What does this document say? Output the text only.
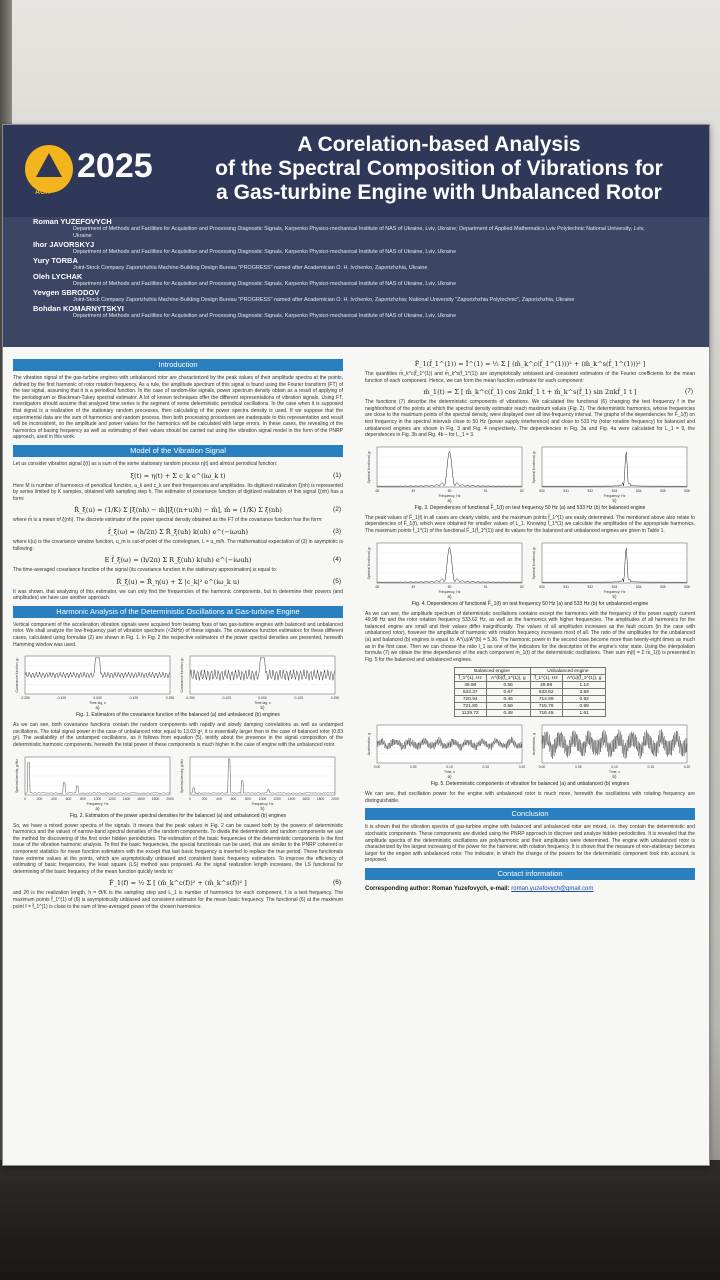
ACIT
2025
A Corelation-based Analysis
of the Spectral Composition of Vibrations for
a Gas-turbine Engine with Unbalanced Rotor

Roman YUZEFOVYCH

Department of Methods and Facilities for Acquisition and Processing Diagnostic Signals, Karpenko Physico-mechanical Institute of NAS of Ukraine, Lviv, Ukraine; Department of Applied Mathematics Lviv Polytechnic National University, Lviv, Ukraine

Ihor JAVORSKYJ

Department of Methods and Facilities for Acquisition and Processing Diagnostic Signals, Karpenko Physico-mechanical Institute of NAS of Ukraine, Lviv, Ukraine

Yury TORBA

Joint-Stock Company Zaporizhzhia Machine-Building Design Bureau "PROGRESS" named after Academician O. H. Ivchenko, Zaporizhzhia, Ukraine

Oleh LYCHAK

Department of Methods and Facilities for Acquisition and Processing Diagnostic Signals, Karpenko Physico-mechanical Institute of NAS of Ukraine, Lviv, Ukraine

Yevgen SBRODOV

Joint-Stock Company Zaporizhzhia Machine-Building Design Bureau "PROGRESS" named after Academician O. H. Ivchenko, Zaporizhzhia; National University "Zaporizhzhia Polytechnic", Zaporizhzhia, Ukraine

Bohdan KOMARNYTSKYI

Department of Methods and Facilities for Acquisition and Processing Diagnostic Signals, Karpenko Physico-mechanical Institute of NAS of Ukraine, Lviv, Ukraine

Introduction

The vibration signal of the gas-turbine engines with unbalanced rotor are characterized by the peak values of their amplitude spectra at the points, defined by the first harmonic of rotor rotation frequency. As a rule, the amplitude spectrum of this signal is found using the Fourier transform (FT) of the raw signal, assuming that it is a periodical function. In the case of random-like signals, power spectrum density obtain as a result of applying of the periodogram or Blackman-Tukey spectral estimator. A lot of known techniques offer the different representations of vibration signals. Using FT, investigators should assume that analyzed time series is the segment of some deterministic periodical oscillations. In the case when it is supposed that signal is a realization of the stationary random processes, then calculating of the power spectra density is used. If we suppose that the experimental data are the sum of harmonics and random process, then both processing procedures are inadequate to this representation and result will be inconsistent, so the amplitude and power values for the harmonics will be calculated with large errors. In these cases, the revealing of the harmonics of basing frequency as well as estimating of their values should be carried out using the vibration signal model in the form of the PNRP approach, used in this work.

Model of the Vibration Signal

Let us consider vibration signal ξ(t) as a sum of the some stationary random process η(t) and almost periodical function:

ξ(t) = η(t) + Σ c_k e^(iω_k t)	(1)

Here M is number of harmonics of periodical function, a_k and c_k are their frequencies and amplitudes. Its digitized realization ξ(nh) is represented by series limited by K samples, obtained with sampling step h. The estimator of covariance function of digitized realization of this signal ξ(nh) has a form:

R̂_ξ(u) = (1/K) Σ [ξ(nh) − m̂][ξ((n+u)h) − m̂], m̂ = (1/K) Σ ξ(nh)	(2)

where m̂ is a mean of ξ(nh). The discrete estimator of the power spectral density obtained as the FT of the covariance function has the form:

f̂_ξ(ω) = (h/2π) Σ R̂_ξ(uh) k(uh) e^(−iωuh)	(3)

where k(u) is the covariance window function, u_m is cut-of point of the correlogram, L = u_m/h. The mathematical expectation of (3) in asymptotic is following:

E f̂_ξ(ω) = (h/2π) Σ R_ξ(uh) k(uh) e^(−iωuh)	(4)

The time-averaged covariance function of the signal (its covariance function in the stationary approximation) is equal to:

R̂_ξ(u) = R̂_η(u) + Σ |c_k|² e^(iω_k u)	(5)

It was shown, that analyzing of this estimator, we can only find the frequencies of the harmonic components, but to determine their powers (and amplitudes) we have use another approach.

Harmonic Analysis of the Deterministic Oscillations at Gas-turbine Engine

Vertical component of the acceleration vibration signals were acquired from bearing fixes of two gas-turbine engines with balanced and unbalanced rotor. We shall analyze the low-frequency part of vibration spectrum (<2kHz) of these signals. The covariance function estimators for these different cases, calculated using formulae (2) are shown in Fig. 1. In Fig. 2 the respective estimators of the power spectral densities are presented, herewith Hamming window was used.

-0.250	-0.125	0.000	0.125	0.250
Time lag, s
Covariance function, g²
a)
-0.250	-0.125	0.000	0.125	0.250
Time lag, s
Covariance function, g²
b)
Fig. 1. Estimators of the covariance function of the balanced (a) and unbalanced (b) engines

As we can see, both covariance functions contain the random components with rapidly and slowly damping correlations as well as undamped oscillations. The total signal power in the case of unbalanced rotor equal to 13.03 g², it is essentially larger than in the case of balanced rotor (0.83 g²). The availability of the undamped oscillations, as it follows from equation (5), testify about the presence in the signal composition of the deterministic harmonic components, herewith the total power of these components is much higher in the case of engine with the unbalanced rotor.

0	200	400	600	800 1000 1200 1400 1600 1800 2000
Frequency, Hz
Spectral density, g²/Hz
a)
0	200	400	600	800 1000 1200 1400 1600 1800 2000
Frequency, Hz
Spectral density, g²/Hz
b)
Fig. 2. Estimators of the power spectral densities for the balanced (a) and unbalanced (b) engines

So, we have a mixed power spectra of the signals. It means that the peak values in Fig. 2 can be caused both by the powers of deterministic harmonics and the values of narrow-band spectral densities of the random components. To divide the deterministic and random components we use the method for discovering of the first order hidden periodicities. The estimation of the basic frequencies of the deterministic components is the first issue of the vibration harmonic analysis. To find the basic frequencies, the special functionals can be used, that are similar to the PNRP coherent or component statistics for mean function estimators with the except that last basic frequency is inserted to replace the true period. These functionals have extreme values at the points, which are asymptotically unbiased and consistent basic frequency estimators. To improve the efficiency of estimating of basic frequencies, the least square (LS) method was proposed. As the signal realization length increases, the LS functional for determining of the basic frequency of the mean function quickly tends to:

F̂_1(f) = ½ Σ [ (m̂_k^c(f))² + (m̂_k^s(f))² ]	(6)

and 2θ is the realization length, h = Θ/K is the sampling step and L_1 is number of harmonics for each component, f is a test frequency. The maximum points f̂_1^(1) of (6) is asymptotically unbiased and consistent estimator for the mean basic frequency. The functional (6) at the maximum point f = f̂_1^(1) is close to the sum of time-averaged power of the chosen harmonics:

F̂_1(f̂_1^(1)) = Î^(1) = ½ Σ [ (m̂_k^c(f̂_1^(1)))² + (m̂_k^s(f̂_1^(1)))² ]

The quantities m̂_k^c(f̂_1^(1)) and m̂_k^s(f̂_1^(1)) are asymptotically unbiased and consistent estimators of the Fourier coefficients for the mean function of each component. Hence, we can form the mean function estimator for each component:

m̂_1(t) = Σ [ m̂_k^c(f̂_1) cos 2πkf̂_1 t + m̂_k^s(f̂_1) sin 2πkf̂_1 t ]	(7)

The functions (7) describe the deterministic components of vibrations. We calculated the functional (6) changing the test frequency f in the neighborhood of the points at which the spectral density estimator reach maximum values (Fig. 2). The deterministic harmonics, whose frequencies are close to the maximum points of the spectral density, were displayed over all low-frequency interval. The graphs of the dependencies for F̂_1(f) on test frequency in the spectral intervals close to 50 Hz (power supply interference) and close to 533 Hz (rotor rotation frequency) for balanced and unbalanced engines are shown in Fig. 3 and Fig. 4 respectively. The dependencies in Fig. 3a and Fig. 4a were calculated for L_1 = 9, the dependences in Fig. 3b and Fig. 4b – for L_1 = 3.

48	49	50	51	52
Frequency, Hz
Spectral functional, g²
a)
530	531	532	533	534	535	536
Frequency, Hz
Spectral functional, g²
b)
Fig. 3. Dependences of functional F̂_1(f) on test frequency 50 Hz (a) and 533 Hz (b) for balanced engine

The peak values of F̂_1(f) in all cases are clearly visible, and the maximum points f̂_1^(1) are easily determined. The mentioned above also relate to dependencies of F̂_1(f), which were obtained for smaller values of L_1. Knowing f̂_1^(1) we calculate the amplitudes of the appropriate harmonics. The maximum points f̂_1^(1) of the functional F̂_1(f̂_1^(1)) and its values for the balanced and unbalanced engines are given in Table 1.

48	49	50	51	52
Frequency, Hz
Spectral functional, g²
a)
530	531	532	533	534	535	536
Frequency, Hz
Spectral functional, g²
b)
Fig. 4. Dependences of functional F̂_1(f) on test frequency 50 Hz (a) and 533 Hz (b) for unbalanced engine

As we can see, the amplitude spectrum of deterministic oscillations contains except the harmonics with the frequency of the power supply current 49.98 Hz and the rotor rotation frequency 533.62 Hz, as well as the harmonics with higher frequencies. The amplitudes of all harmonics for the balanced engine are small and their values differ insignificantly. The values of all amplitudes increases as the fault occurs (in the case with unbalanced rotor), however the amplitude of harmonic with rotation frequency increases most of all. The ratio of the amplitudes for the unbalanced (a) and balanced (b) engines is equal to: A^(u)/A^(b) = 5.36. The harmonic power in the second case become more than twenty-eight times as much as in the first case. Then we can choose the ratio I_1 as one of the indicators for the description of the engine's rotor state. Using the interpolation formula (7) we obtain the time dependence of the each component m̂_1(t) of the deterministic oscillations. Their sum m̂(t) = Σ m̂_1(t) is presented in Fig. 5 for the balanced and unbalanced engines.

Balanced engine		Unbalanced engine	
f̂_1^(1), Hz	A^(b)(f̂_1^(1)), g	f̂_1^(1), Hz	A^(u)(f̂_1^(1)), g
49.98	0.56	49.98	1.14
533.37	0.67	533.62	3.59
720.94	0.46	714.99	0.92
721.80	0.59	715.76	0.98
1129.72	0.48	716.45	1.61
0.00	0.05	0.10	0.15	0.20
Time, s
Acceleration, g
a)
0.00	0.05	0.10	0.15	0.20
Time, s
Acceleration, g
b)
Fig. 5. Deterministic components of vibration for balanced (a) and unbalanced (b) engines

We can see, that oscillation power for the engine with unbalanced rotor is much more, herewith the oscillations with rotating frequency are distinguishable.

Conclusion

It is shown that the vibration spectra of gas-turbine engine with balanced and unbalanced rotor are mixed, i.e. they contain the deterministic and stochastic components. These components are divided using the PNRP approach to discover and analyze hidden periodicities. It is revealed that the amplitude spectra of the deterministic oscillations are polyharmonic and their amplitudes were determined. The engine with unbalanced rotor is characterized by the largest increasing of the power for the harmonic with rotation frequency. It is shown that the measure of non-stationary becomes larger for the engine with unbalanced rotor. The indicator, in which the change of the powers for the deterministic component took into account, is proposed.

Contact information
Corresponding author: Roman Yuzefovych, e-mail: roman.yuzefovych@gmail.com
